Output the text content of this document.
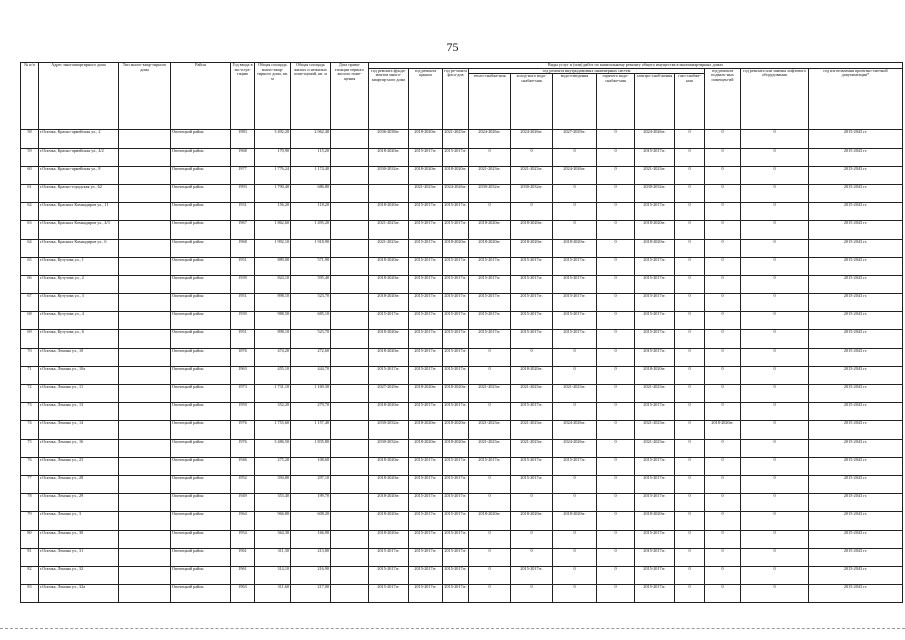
75
№ п/п	Адрес многоквартирного дома	Тип много-квар-тирного дома	Район	Год ввода в экс-плуа-тацию	Общая площадь много-квар-тирного дома, кв. м	Общая площадь жилых и нежилых поме-щений, кв. м	Дата прива-тизации первого жилого поме-щения	Виды услуг и (или) работ по капитальному ремонту общего имущества в многоквартирных домах											
								год ремонта фунда-ментов много-квартир-ного дома	год ремонта крыши	год ре-монта фаса-дов	год ремонта внутридомовых инженерных систем						год ремонта подваль-ных помещен-ий	год ремонта или замены лифтового оборудования	год изготовления проектно-сметной документации*
											тепло-снабже-ния	холод-ного водо-снабже-ния	водо-отведения	горячего водо-снабже-ния	электро-снаб-жения	газо-снабже-ния			
58	г.Опочка, Красно-армейская ул., 2		Опочецкий район	1983	3 492,20	2 062,40		2036-2038гг.	2018-2020гг.	2021-2023гг.	2024-2026гг.	2024-2026гг.	2027-2029гг.	0	2024-2026гг.	0	0	0	2015-2043 гг.
59	г.Опочка, Красно-армейская ул., 4/2		Опочецкий район	1968	170,90	115,20		2018-2020гг.	2015-2017гг.	2015-2017гг.	0	0	0	0	2015-2017гг.	0	0	0	2015-2043 гг.
60	г.Опочка, Красно-армейская ул., 8		Опочецкий район	1977	1 776,24	1 174,40		2030-2032гг.	2018-2020гг.	2018-2020гг.	2021-2023гг.	2021-2023гг.	2024-2026гг.	0	2021-2023гг.	0	0	0	2015-2043 гг.
61	г.Опочка, Красно-городская ул., 62		Опочецкий район	1993	1 790,40	686,80			2021-2023гг.	2024-2026гг.	2030-2032гг.	2030-2032гг.	0	0	2030-2032гг.	0	0	0	2015-2043 гг.
62	г.Опочка, Красных Командиров ул., 11		Опочецкий район	1931	156,20	118,20		2018-2020гг.	2015-2017гг.	2015-2017гг.	0	0	0	0	2015-2017гг.	0	0	0	2015-2043 гг.
63	г.Опочка, Красных Командиров ул., 4/3		Опочецкий район	1967	1 862,60	1 495,20		2021-2023гг.	2015-2017гг.	2015-2017гг.	2018-2020гг.	2018-2020гг.	0	0	2018-2020гг.	0	0	0	2015-2043 гг.
64	г.Опочка, Красных Командиров ул., 6		Опочецкий район	1968	1 992,10	1 918,90		2021-2023гг.	2015-2017гг.	2018-2020гг.	2018-2020гг.	2018-2020гг.	2018-2020гг.	0	2018-2020гг.	0	0	0	2015-2043 гг.
65	г.Опочка, Кутузова ул., 1		Опочецкий район	1951	889,00	571,90		2018-2020гг.	2015-2017гг.	2015-2017гг.	2015-2017гг.	2015-2017гг.	2015-2017гг.	0	2015-2017гг.	0	0	0	2015-2043 гг.
66	г.Опочка, Кутузова ул., 2		Опочецкий район	1939	824,10	595,40		2018-2020гг.	2015-2017гг.	2015-2017гг.	2015-2017гг.	2015-2017гг.	2015-2017гг.	0	2015-2017гг.	0	0	0	2015-2043 гг.
67	г.Опочка, Кутузова ул., 3		Опочецкий район	1951	898,10	523,70		2018-2020гг.	2015-2017гг.	2015-2017гг.	2015-2017гг.	2015-2017гг.	2015-2017гг.	0	2015-2017гг.	0	0	0	2015-2043 гг.
68	г.Опочка, Кутузова ул., 4		Опочецкий район	1939	988,50	685,10		2015-2017гг.	2015-2017гг.	2015-2017гг.	2015-2017гг.	2015-2017гг.	2015-2017гг.	0	2015-2017гг.	0	0	0	2015-2043 гг.
69	г.Опочка, Кутузова ул., 6		Опочецкий район	1951	898,10	523,70		2018-2020гг.	2015-2017гг.	2015-2017гг.	2015-2017гг.	2015-2017гг.	2015-2017гг.	0	2015-2017гг.	0	0	0	2015-2043 гг.
70	г.Опочка, Ленина ул., 10		Опочецкий район	1876	474,20	272,60		2018-2020гг.	2015-2017гг.	2015-2017гг.	0	0	0	0	2015-2017гг.	0	0	0	2015-2043 гг.
71	г.Опочка, Ленина ул., 10а		Опочецкий район	1963	455,10	444,70		2015-2017гг.	2015-2017гг.	2015-2017гг.	0	2018-2020гг.	0	0	2018-2020гг.	0	0	0	2015-2043 гг.
72	г.Опочка, Ленина ул., 11		Опочецкий район	1973	1 731,10	1 169,30		2027-2029гг.	2018-2020гг.	2018-2020гг.	2021-2023гг.	2021-2023гг.	2021-2023гг.	0	2021-2023гг.	0	0	0	2015-2043 гг.
73	г.Опочка, Ленина ул., 13		Опочецкий район	1959	352,20	279,70		2018-2020гг.	2015-2017гг.	2015-2017гг.	0	2015-2017гг.	0	0	2015-2017гг.	0	0	0	2015-2043 гг.
74	г.Опочка, Ленина ул., 14		Опочецкий район	1976	1 755,60	1 157,40		2030-2032гг.	2018-2020гг.	2018-2020гг.	2021-2023гг.	2021-2023гг.	2024-2026гг.	0	2021-2023гг.	0	2018-2020гг.	0	2015-2043 гг.
75	г.Опочка, Ленина ул., 16		Опочецкий район	1976	3 486,50	1 835,80		2030-2032гг.	2018-2020гг.	2018-2020гг.	2021-2023гг.	2021-2023гг.	2024-2026гг.	0	2021-2023гг.	0	0	0	2015-2043 гг.
76	г.Опочка, Ленина ул., 23		Опочецкий район	1946	275,20	108,60		2018-2020гг.	2015-2017гг.	2015-2017гг.	2015-2017гг.	2015-2017гг.	2015-2017гг.	0	2015-2017гг.	0	0	0	2015-2043 гг.
77	г.Опочка, Ленина ул., 28		Опочецкий район	1952	394,80	297,10		2018-2020гг.	2015-2017гг.	2015-2017гг.	0	2015-2017гг.	0	0	2015-2017гг.	0	0	0	2015-2043 гг.
78	г.Опочка, Ленина ул., 29		Опочецкий район	1949	353,40	199,70		2018-2020гг.	2015-2017гг.	2015-2017гг.	0	0	0	0	2015-2017гг.	0	0	0	2015-2043 гг.
79	г.Опочка, Ленина ул., 3		Опочецкий район	1964	966,80	608,20		2018-2020гг.	2015-2017гг.	2015-2017гг.	2018-2020гг.	2018-2020гг.	2018-2020гг.	0	2018-2020гг.	0	0	0	2015-2043 гг.
80	г.Опочка, Ленина ул., 30		Опочецкий район	1954	364,30	166,90		2018-2020гг.	2015-2017гг.	2015-2017гг.	0	0	0	0	2015-2017гг.	0	0	0	2015-2043 гг.
81	г.Опочка, Ленина ул., 31		Опочецкий район	1961	311,30	213,80		2015-2017гг.	2015-2017гг.	2015-2017гг.	0	0	0	0	2015-2017гг.	0	0	0	2015-2043 гг.
82	г.Опочка, Ленина ул., 32		Опочецкий район	1961	314,10	216,90		2015-2017гг.	2015-2017гг.	2015-2017гг.	0	2015-2017гг.	0	0	2015-2017гг.	0	0	0	2015-2043 гг.
83	г.Опочка, Ленина ул., 32а		Опочецкий район	1963	311,60	217,00		2015-2017гг.	2015-2017гг.	2015-2017гг.	0	0	0	0	2015-2017гг.	0	0	0	2015-2043 гг.
